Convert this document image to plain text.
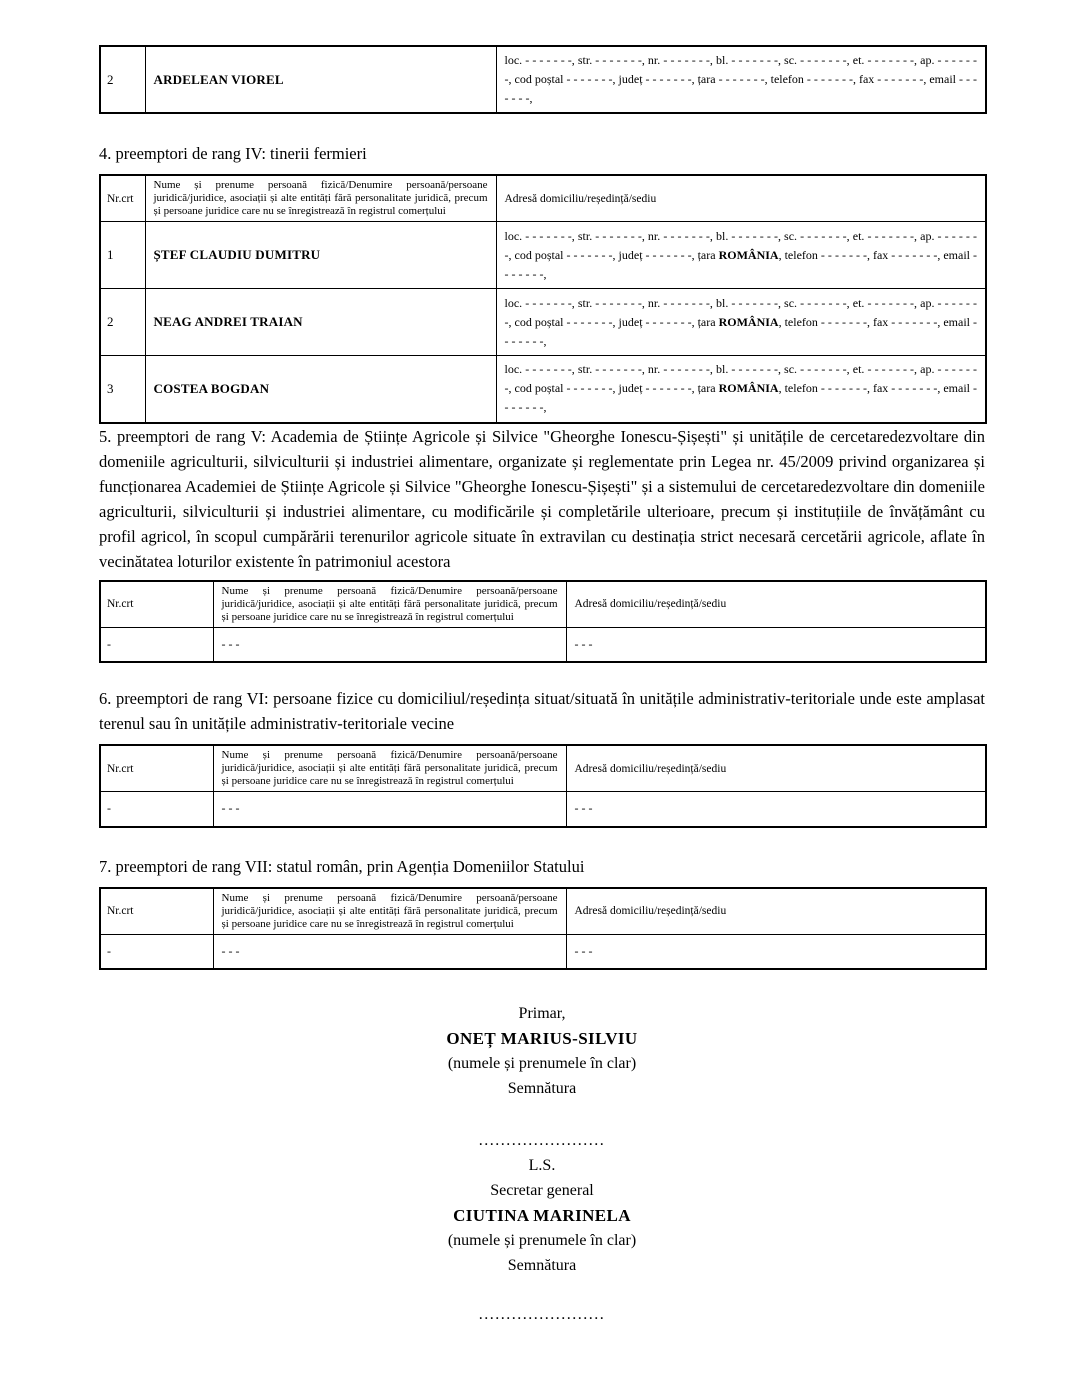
2	ARDELEAN VIOREL	loc. - - - - - - -, str. - - - - - - -, nr. - - - - - - -, bl. - - - - - - -, sc. - - - - - - -, et. - - - - - - -, ap. - - - - - - -, cod poștal - - - - - - -, județ - - - - - - -, țara - - - - - - -, telefon - - - - - - -, fax - - - - - - -, email - - - - - - -,

4. preemptori de rang IV: tinerii fermieri

Nr.crt	Nume și prenume persoană fizică/Denumire persoană/persoane juridică/juridice, asociații și alte entități fără personalitate juridică, precum și persoane juridice care nu se înregistrează în registrul comerțului	Adresă domiciliu/reședință/sediu
1	ȘTEF CLAUDIU DUMITRU	loc. - - - - - - -, str. - - - - - - -, nr. - - - - - - -, bl. - - - - - - -, sc. - - - - - - -, et. - - - - - - -, ap. - - - - - - -, cod poștal - - - - - - -, județ - - - - - - -, țara ROMÂNIA, telefon - - - - - - -, fax - - - - - - -, email - - - - - - -,
2	NEAG ANDREI TRAIAN	loc. - - - - - - -, str. - - - - - - -, nr. - - - - - - -, bl. - - - - - - -, sc. - - - - - - -, et. - - - - - - -, ap. - - - - - - -, cod poștal - - - - - - -, județ - - - - - - -, țara ROMÂNIA, telefon - - - - - - -, fax - - - - - - -, email - - - - - - -,
3	COSTEA BOGDAN	loc. - - - - - - -, str. - - - - - - -, nr. - - - - - - -, bl. - - - - - - -, sc. - - - - - - -, et. - - - - - - -, ap. - - - - - - -, cod poștal - - - - - - -, județ - - - - - - -, țara ROMÂNIA, telefon - - - - - - -, fax - - - - - - -, email - - - - - - -,

5. preemptori de rang V: Academia de Științe Agricole și Silvice "Gheorghe Ionescu-Șișești" și unitățile de cercetaredezvoltare din domeniile agriculturii, silviculturii și industriei alimentare, organizate și reglementate prin Legea nr. 45/2009 privind organizarea și funcționarea Academiei de Științe Agricole și Silvice "Gheorghe Ionescu-Șișești" și a sistemului de cercetaredezvoltare din domeniile agriculturii, silviculturii și industriei alimentare, cu modificările și completările ulterioare, precum și instituțiile de învățământ cu profil agricol, în scopul cumpărării terenurilor agricole situate în extravilan cu destinația strict necesară cercetării agricole, aflate în vecinătatea loturilor existente în patrimoniul acestora

Nr.crt	Nume și prenume persoană fizică/Denumire persoană/persoane juridică/juridice, asociații și alte entități fără personalitate juridică, precum și persoane juridice care nu se înregistrează în registrul comerțului	Adresă domiciliu/reședință/sediu
-	- - -	- - -

6. preemptori de rang VI: persoane fizice cu domiciliul/reședința situat/situată în unitățile administrativ-teritoriale unde este amplasat terenul sau în unitățile administrativ-teritoriale vecine

Nr.crt	Nume și prenume persoană fizică/Denumire persoană/persoane juridică/juridice, asociații și alte entități fără personalitate juridică, precum și persoane juridice care nu se înregistrează în registrul comerțului	Adresă domiciliu/reședință/sediu
-	- - -	- - -

7. preemptori de rang VII: statul român, prin Agenția Domeniilor Statului

Nr.crt	Nume și prenume persoană fizică/Denumire persoană/persoane juridică/juridice, asociații și alte entități fără personalitate juridică, precum și persoane juridice care nu se înregistrează în registrul comerțului	Adresă domiciliu/reședință/sediu
-	- - -	- - -
Primar,
ONEȚ MARIUS-SILVIU
(numele și prenumele în clar)
Semnătura
.......................
L.S.
Secretar general
CIUTINA MARINELA
(numele și prenumele în clar)
Semnătura
.......................
